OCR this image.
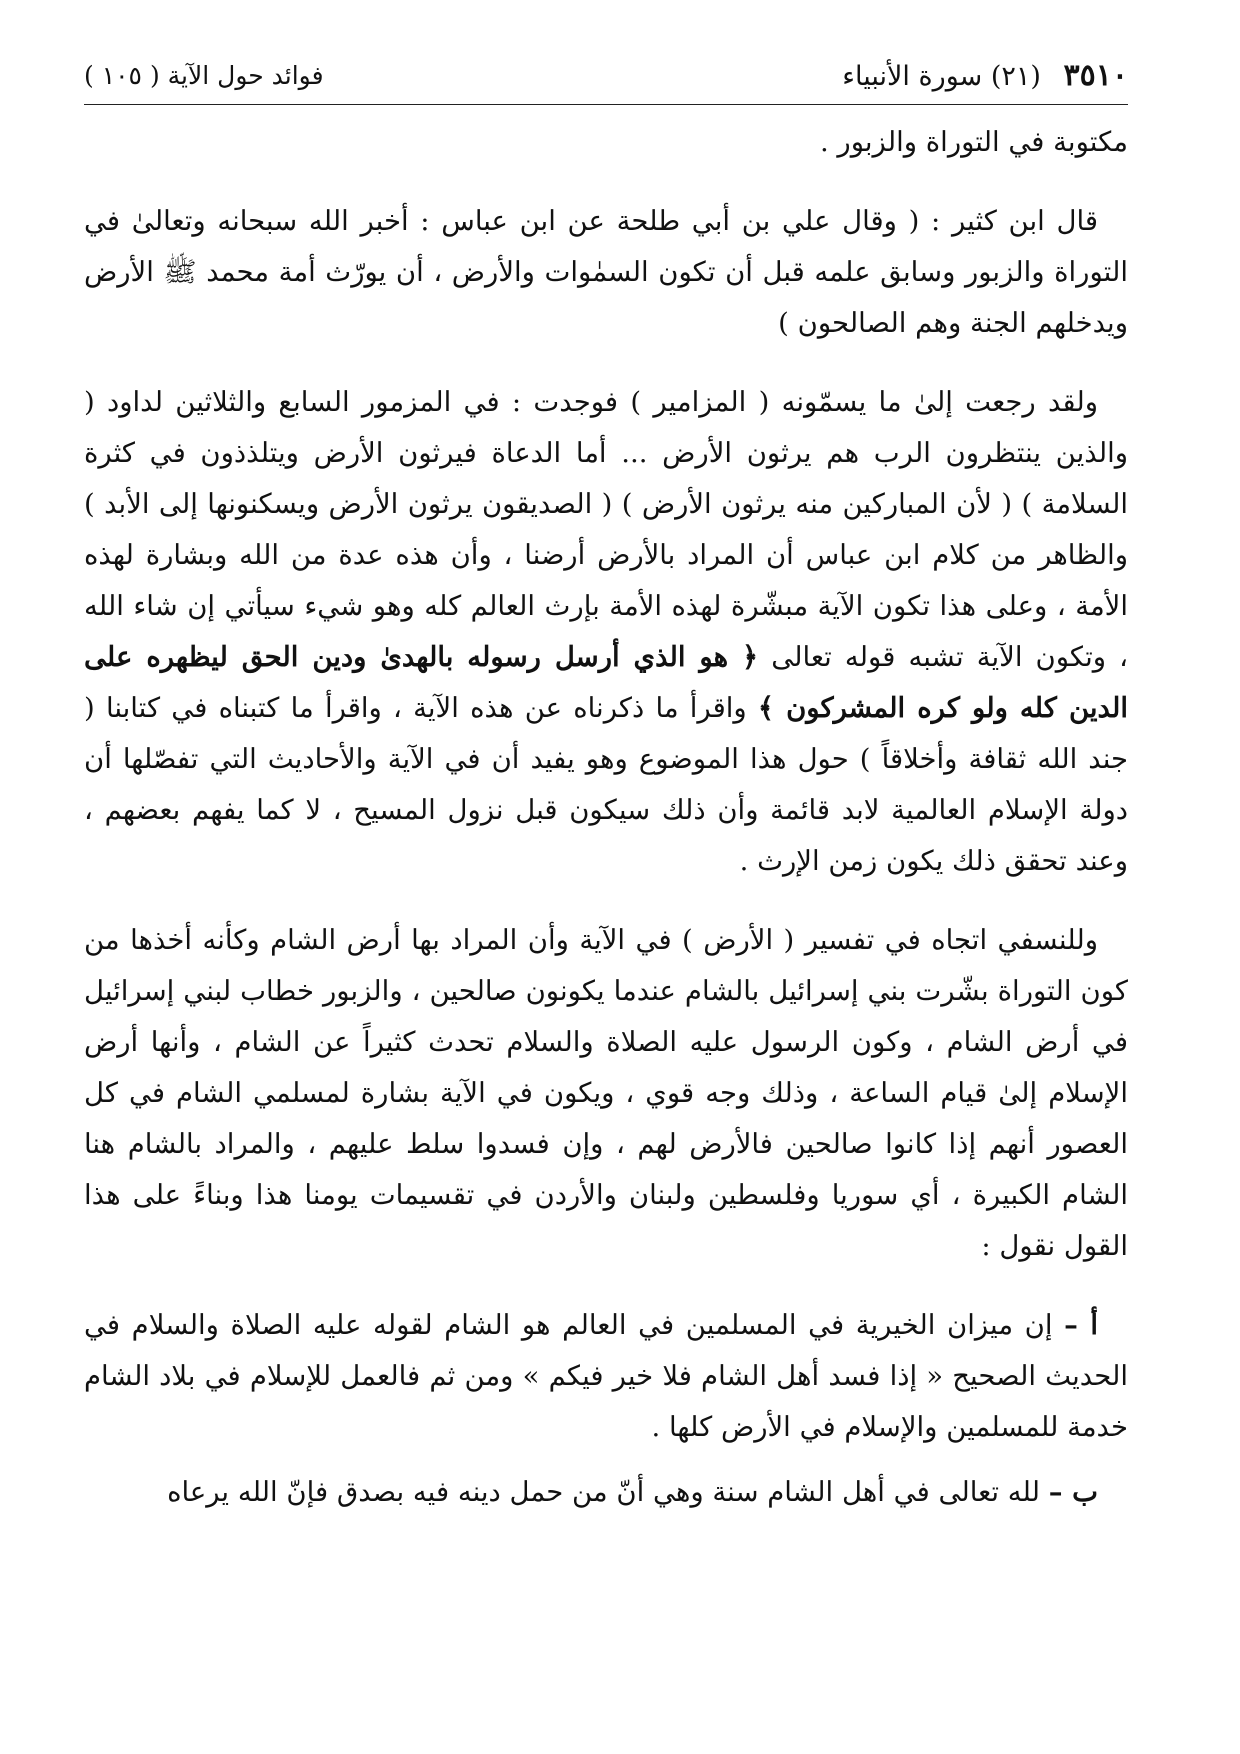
٣٥١٠ (٢١) سورة الأنبياء
فوائد حول الآية ( ١٠٥ )

مكتوبة في التوراة والزبور .

قال ابن كثير : ( وقال علي بن أبي طلحة عن ابن عباس : أخبر الله سبحانه وتعالىٰ في التوراة والزبور وسابق علمه قبل أن تكون السمٰوات والأرض ، أن يورّث أمة محمد ﷺ الأرض ويدخلهم الجنة وهم الصالحون )

ولقد رجعت إلىٰ ما يسمّونه ( المزامير ) فوجدت : في المزمور السابع والثلاثين لداود ( والذين ينتظرون الرب هم يرثون الأرض ... أما الدعاة فيرثون الأرض ويتلذذون في كثرة السلامة ) ( لأن المباركين منه يرثون الأرض ) ( الصديقون يرثون الأرض ويسكنونها إلى الأبد ) والظاهر من كلام ابن عباس أن المراد بالأرض أرضنا ، وأن هذه عدة من الله وبشارة لهذه الأمة ، وعلى هذا تكون الآية مبشّرة لهذه الأمة بإرث العالم كله وهو شيء سيأتي إن شاء الله ، وتكون الآية تشبه قوله تعالى ﴿ هو الذي أرسل رسوله بالهدىٰ ودين الحق ليظهره على الدين كله ولو كره المشركون ﴾ واقرأ ما ذكرناه عن هذه الآية ، واقرأ ما كتبناه في كتابنا ( جند الله ثقافة وأخلاقاً ) حول هذا الموضوع وهو يفيد أن في الآية والأحاديث التي تفصّلها أن دولة الإسلام العالمية لابد قائمة وأن ذلك سيكون قبل نزول المسيح ، لا كما يفهم بعضهم ، وعند تحقق ذلك يكون زمن الإرث .

وللنسفي اتجاه في تفسير ( الأرض ) في الآية وأن المراد بها أرض الشام وكأنه أخذها من كون التوراة بشّرت بني إسرائيل بالشام عندما يكونون صالحين ، والزبور خطاب لبني إسرائيل في أرض الشام ، وكون الرسول عليه الصلاة والسلام تحدث كثيراً عن الشام ، وأنها أرض الإسلام إلىٰ قيام الساعة ، وذلك وجه قوي ، ويكون في الآية بشارة لمسلمي الشام في كل العصور أنهم إذا كانوا صالحين فالأرض لهم ، وإن فسدوا سلط عليهم ، والمراد بالشام هنا الشام الكبيرة ، أي سوريا وفلسطين ولبنان والأردن في تقسيمات يومنا هذا وبناءً على هذا القول نقول :

أ – إن ميزان الخيرية في المسلمين في العالم هو الشام لقوله عليه الصلاة والسلام في الحديث الصحيح « إذا فسد أهل الشام فلا خير فيكم » ومن ثم فالعمل للإسلام في بلاد الشام خدمة للمسلمين والإسلام في الأرض كلها .

ب – لله تعالى في أهل الشام سنة وهي أنّ من حمل دينه فيه بصدق فإنّ الله يرعاه
